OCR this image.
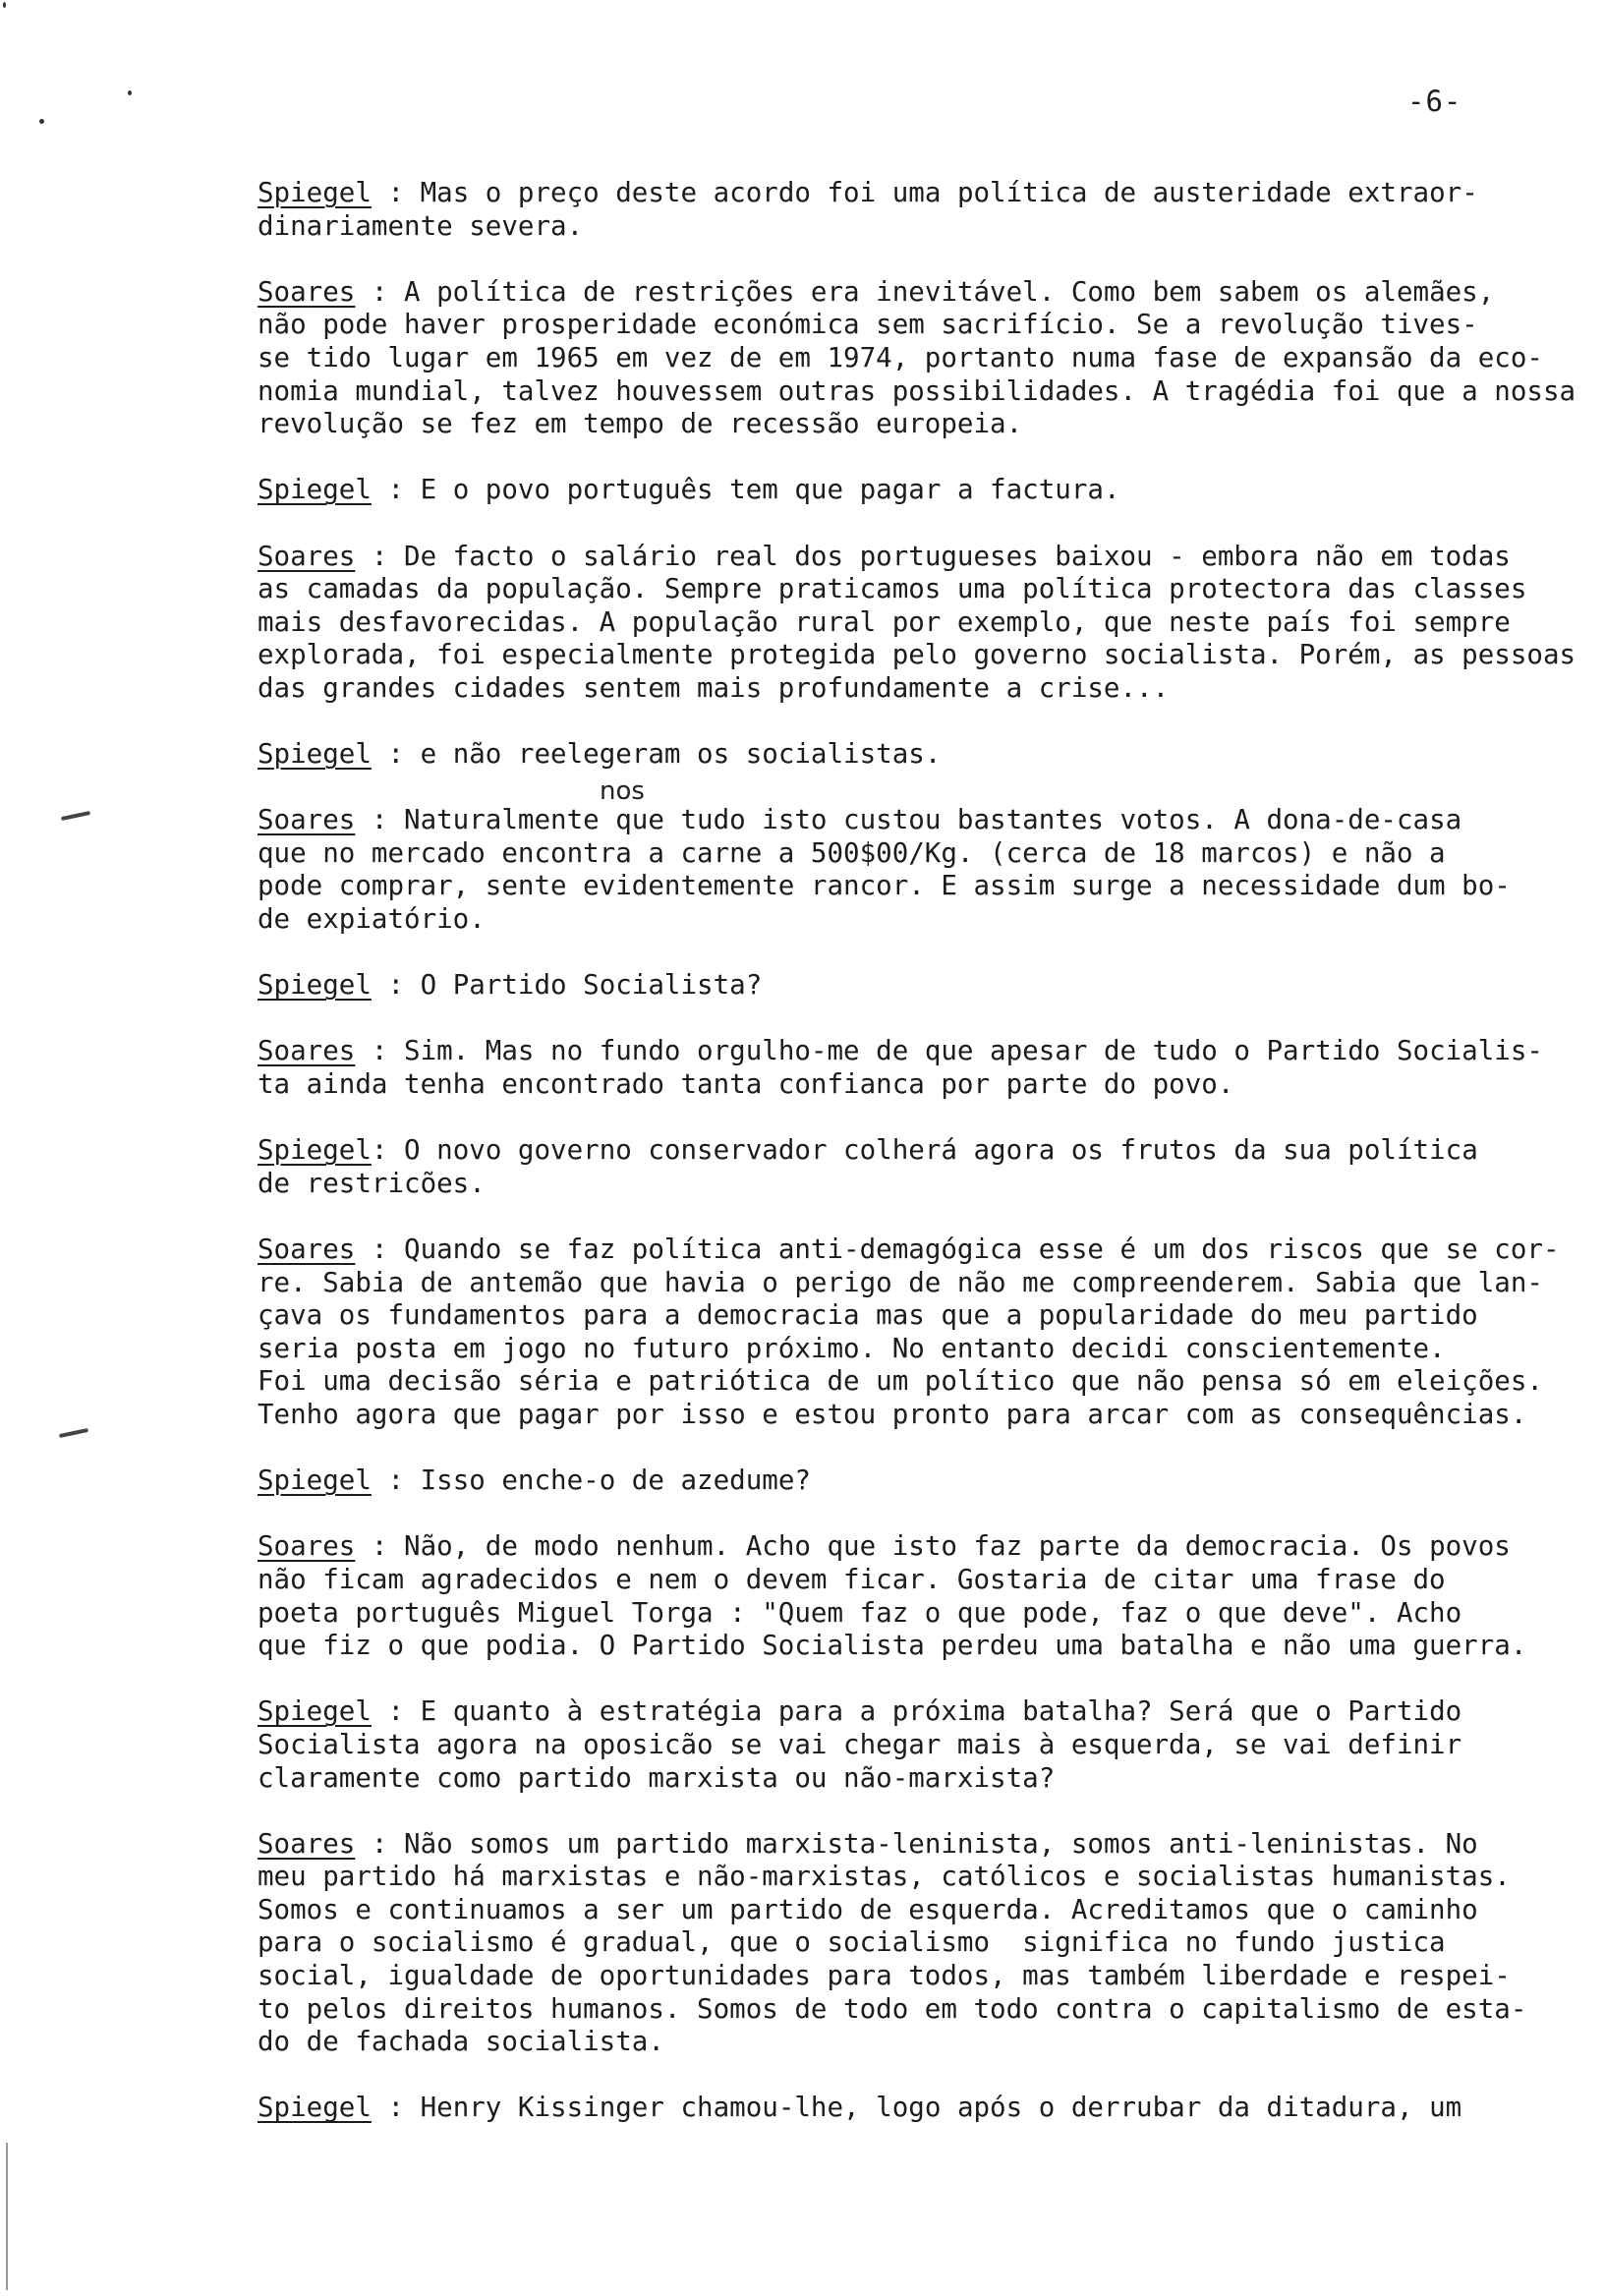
-6-
nos

Spiegel : Mas o preço deste acordo foi uma política de austeridade extraor-
dinariamente severa.

Soares : A política de restrições era inevitável. Como bem sabem os alemães,
não pode haver prosperidade económica sem sacrifício. Se a revolução tives-
se tido lugar em 1965 em vez de em 1974, portanto numa fase de expansão da eco-
nomia mundial, talvez houvessem outras possibilidades. A tragédia foi que a nossa
revolução se fez em tempo de recessão europeia.

Spiegel : E o povo português tem que pagar a factura.

Soares : De facto o salário real dos portugueses baixou - embora não em todas
as camadas da população. Sempre praticamos uma política protectora das classes
mais desfavorecidas. A população rural por exemplo, que neste país foi sempre
explorada, foi especialmente protegida pelo governo socialista. Porém, as pessoas
das grandes cidades sentem mais profundamente a crise...

Spiegel : e não reelegeram os socialistas.

Soares : Naturalmente que tudo isto custou bastantes votos. A dona-de-casa
que no mercado encontra a carne a 500$00/Kg. (cerca de 18 marcos) e não a
pode comprar, sente evidentemente rancor. E assim surge a necessidade dum bo-
de expiatório.

Spiegel : O Partido Socialista?

Soares : Sim. Mas no fundo orgulho-me de que apesar de tudo o Partido Socialis-
ta ainda tenha encontrado tanta confianca por parte do povo.

Spiegel: O novo governo conservador colherá agora os frutos da sua política
de restricões.

Soares : Quando se faz política anti-demagógica esse é um dos riscos que se cor-
re. Sabia de antemão que havia o perigo de não me compreenderem. Sabia que lan-
çava os fundamentos para a democracia mas que a popularidade do meu partido
seria posta em jogo no futuro próximo. No entanto decidi conscientemente.
Foi uma decisão séria e patriótica de um político que não pensa só em eleições.
Tenho agora que pagar por isso e estou pronto para arcar com as consequências.

Spiegel : Isso enche-o de azedume?

Soares : Não, de modo nenhum. Acho que isto faz parte da democracia. Os povos
não ficam agradecidos e nem o devem ficar. Gostaria de citar uma frase do
poeta português Miguel Torga : "Quem faz o que pode, faz o que deve". Acho
que fiz o que podia. O Partido Socialista perdeu uma batalha e não uma guerra.

Spiegel : E quanto à estratégia para a próxima batalha? Será que o Partido
Socialista agora na oposicão se vai chegar mais à esquerda, se vai definir
claramente como partido marxista ou não-marxista?

Soares : Não somos um partido marxista-leninista, somos anti-leninistas. No
meu partido há marxistas e não-marxistas, católicos e socialistas humanistas.
Somos e continuamos a ser um partido de esquerda. Acreditamos que o caminho
para o socialismo é gradual, que o socialismo  significa no fundo justica
social, igualdade de oportunidades para todos, mas também liberdade e respei-
to pelos direitos humanos. Somos de todo em todo contra o capitalismo de esta-
do de fachada socialista.

Spiegel : Henry Kissinger chamou-lhe, logo após o derrubar da ditadura, um
